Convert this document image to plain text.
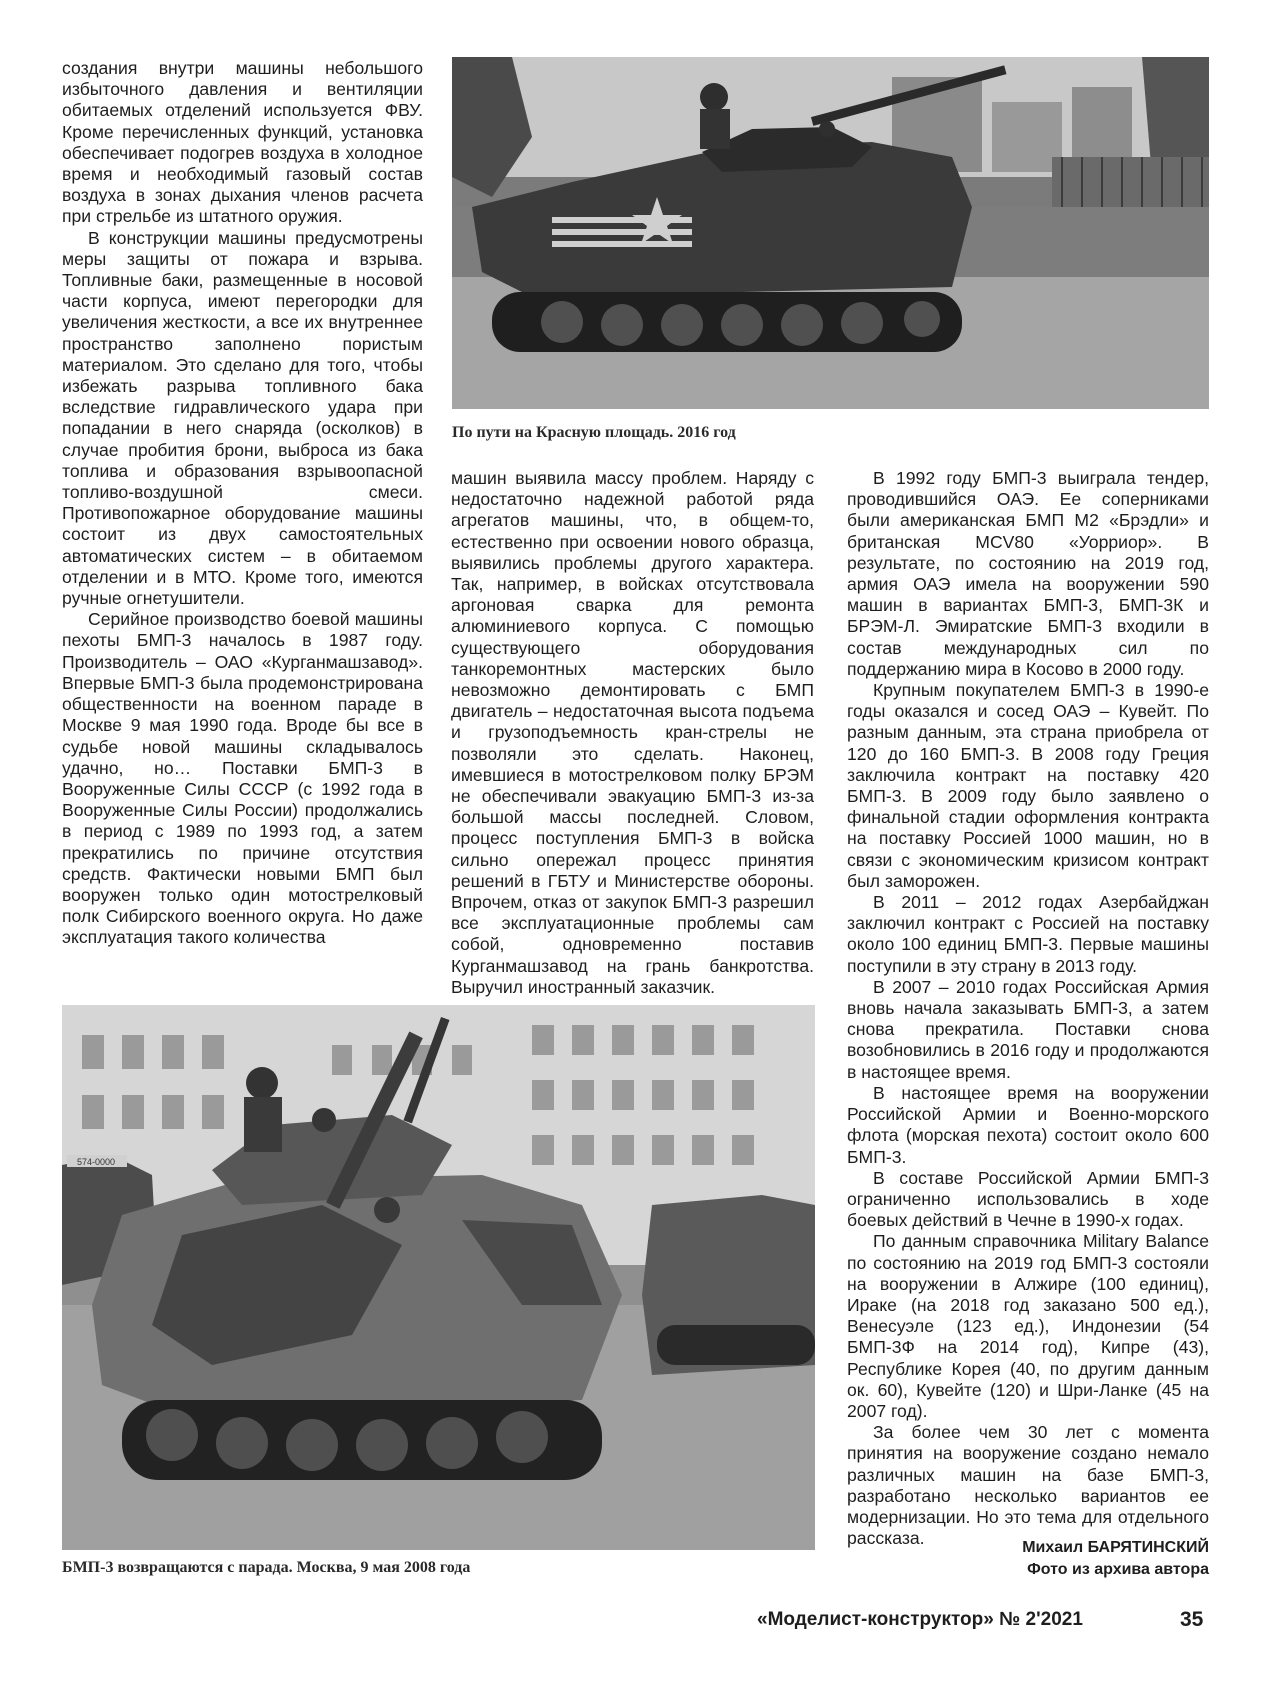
создания внутри машины небольшого избыточного давления и вентиляции обитаемых отделений используется ФВУ. Кроме перечисленных функций, установка обеспечивает подогрев воздуха в холодное время и необходимый газовый состав воздуха в зонах дыхания членов расчета при стрельбе из штатного оружия.

В конструкции машины предусмотрены меры защиты от пожара и взрыва. Топливные баки, размещенные в носовой части корпуса, имеют перегородки для увеличения жесткости, а все их внутреннее пространство заполнено пористым материалом. Это сделано для того, чтобы избежать разрыва топливного бака вследствие гидравлического удара при попадании в него снаряда (осколков) в случае пробития брони, выброса из бака топлива и образования взрывоопасной топливо-воздушной смеси. Противопожарное оборудование машины состоит из двух самостоятельных автоматических систем – в обитаемом отделении и в МТО. Кроме того, имеются ручные огнетушители.

Серийное производство боевой машины пехоты БМП-3 началось в 1987 году. Производитель – ОАО «Курганмашзавод». Впервые БМП-3 была продемонстрирована общественности на военном параде в Москве 9 мая 1990 года. Вроде бы все в судьбе новой машины складывалось удачно, но… Поставки БМП-3 в Вооруженные Силы СССР (с 1992 года в Вооруженные Силы России) продолжались в период с 1989 по 1993 год, а затем прекратились по причине отсутствия средств. Фактически новыми БМП был вооружен только один мотострелковый полк Сибирского военного округа. Но даже эксплуатация такого количества

По пути на Красную площадь. 2016 год

машин выявила массу проблем. Наряду с недостаточно надежной работой ряда агрегатов машины, что, в общем-то, естественно при освоении нового образца, выявились проблемы другого характера. Так, например, в войсках отсутствовала аргоновая сварка для ремонта алюминиевого корпуса. С помощью существующего оборудования танкоремонтных мастерских было невозможно демонтировать с БМП двигатель – недостаточная высота подъема и грузоподъемность кран-стрелы не позволяли это сделать. Наконец, имевшиеся в мотострелковом полку БРЭМ не обеспечивали эвакуацию БМП-3 из-за большой массы последней. Словом, процесс поступления БМП-3 в войска сильно опережал процесс принятия решений в ГБТУ и Министерстве обороны. Впрочем, отказ от закупок БМП-3 разрешил все эксплуатационные проблемы сам собой, одновременно поставив Курганмашзавод на грань банкротства. Выручил иностранный заказчик.

В 1992 году БМП-3 выиграла тендер, проводившийся ОАЭ. Ее соперниками были американская БМП М2 «Брэдли» и британская MCV80 «Уорриор». В результате, по состоянию на 2019 год, армия ОАЭ имела на вооружении 590 машин в вариантах БМП-3, БМП-3К и БРЭМ-Л. Эмиратские БМП-3 входили в состав международных сил по поддержанию мира в Косово в 2000 году.

Крупным покупателем БМП-3 в 1990-е годы оказался и сосед ОАЭ – Кувейт. По разным данным, эта страна приобрела от 120 до 160 БМП-3. В 2008 году Греция заключила контракт на поставку 420 БМП-3. В 2009 году было заявлено о финальной стадии оформления контракта на поставку Россией 1000 машин, но в связи с экономическим кризисом контракт был заморожен.

В 2011 – 2012 годах Азербайджан заключил контракт с Россией на поставку около 100 единиц БМП-3. Первые машины поступили в эту страну в 2013 году.

В 2007 – 2010 годах Российская Армия вновь начала заказывать БМП-3, а затем снова прекратила. Поставки снова возобновились в 2016 году и продолжаются в настоящее время.

В настоящее время на вооружении Российской Армии и Военно-морского флота (морская пехота) состоит около 600 БМП-3.

В составе Российской Армии БМП-3 ограниченно использовались в ходе боевых действий в Чечне в 1990-х годах.

По данным справочника Military Balance по состоянию на 2019 год БМП-3 состояли на вооружении в Алжире (100 единиц), Ираке (на 2018 год заказано 500 ед.), Венесуэле (123 ед.), Индонезии (54 БМП-3Ф на 2014 год), Кипре (43), Республике Корея (40, по другим данным ок. 60), Кувейте (120) и Шри-Ланке (45 на 2007 год).

За более чем 30 лет с момента принятия на вооружение создано немало различных машин на базе БМП-3, разработано несколько вариантов ее модернизации. Но это тема для отдельного рассказа.

574-0000
БМП-3 возвращаются с парада. Москва, 9 мая 2008 года
Михаил БАРЯТИНСКИЙ
Фото из архива автора
«Моделист-конструктор» № 2'2021	35
